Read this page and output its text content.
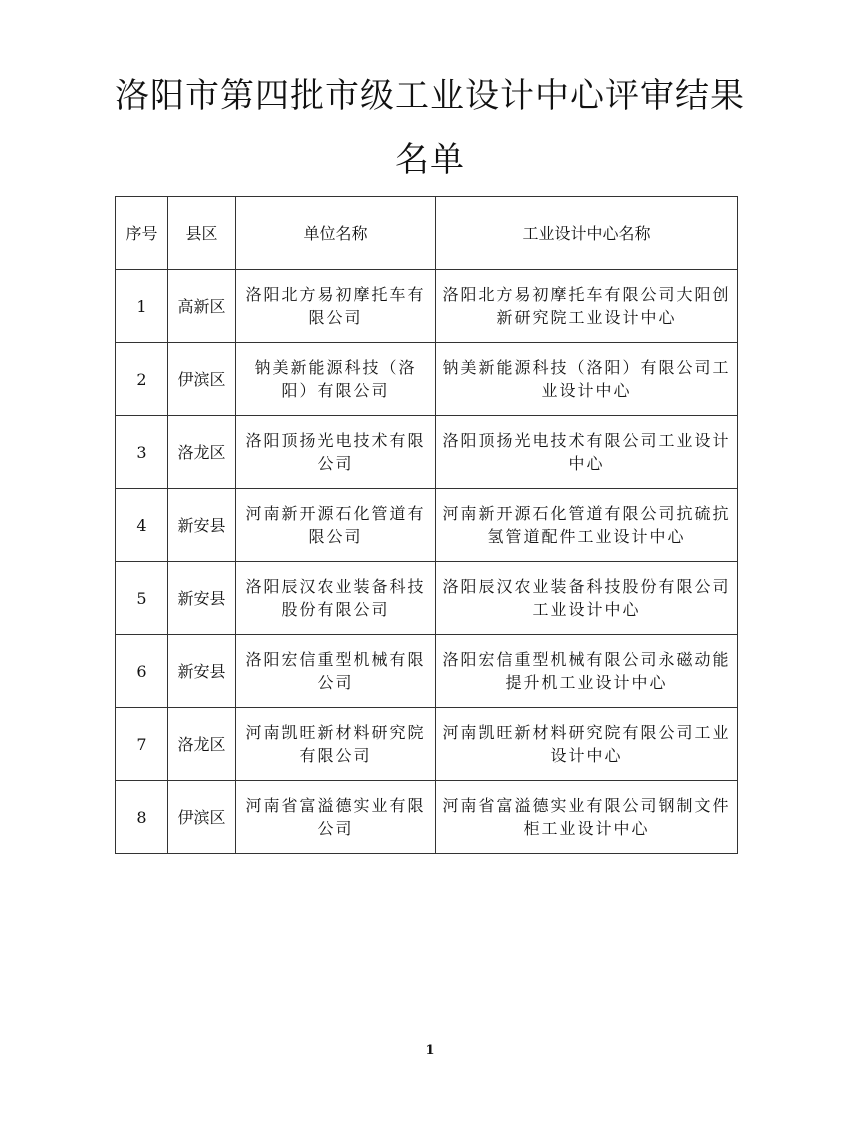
洛阳市第四批市级工业设计中心评审结果
名单
序号	县区	单位名称	工业设计中心名称
1	高新区	洛阳北方易初摩托车有限公司	洛阳北方易初摩托车有限公司大阳创新研究院工业设计中心
2	伊滨区	钠美新能源科技（洛阳）有限公司	钠美新能源科技（洛阳）有限公司工业设计中心
3	洛龙区	洛阳顶扬光电技术有限公司	洛阳顶扬光电技术有限公司工业设计中心
4	新安县	河南新开源石化管道有限公司	河南新开源石化管道有限公司抗硫抗氢管道配件工业设计中心
5	新安县	洛阳辰汉农业装备科技股份有限公司	洛阳辰汉农业装备科技股份有限公司工业设计中心
6	新安县	洛阳宏信重型机械有限公司	洛阳宏信重型机械有限公司永磁动能提升机工业设计中心
7	洛龙区	河南凯旺新材料研究院有限公司	河南凯旺新材料研究院有限公司工业设计中心
8	伊滨区	河南省富溢德实业有限公司	河南省富溢德实业有限公司钢制文件柜工业设计中心
1
